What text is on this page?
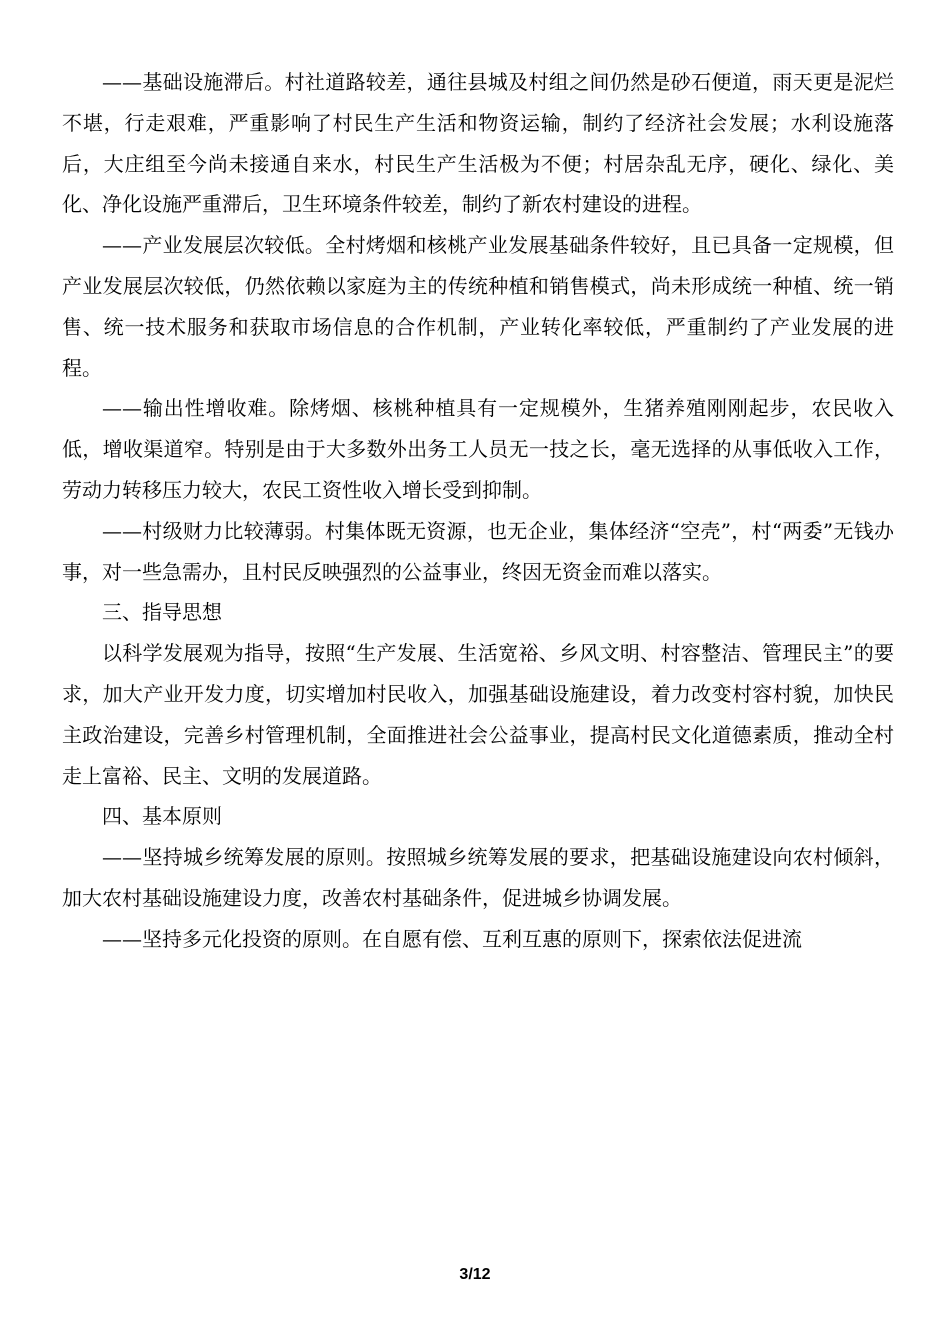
——基础设施滞后。村社道路较差，通往县城及村组之间仍然是砂石便道，雨天更是泥烂不堪，行走艰难，严重影响了村民生产生活和物资运输，制约了经济社会发展；水利设施落后，大庄组至今尚未接通自来水，村民生产生活极为不便；村居杂乱无序，硬化、绿化、美化、净化设施严重滞后，卫生环境条件较差，制约了新农村建设的进程。

——产业发展层次较低。全村烤烟和核桃产业发展基础条件较好，且已具备一定规模，但产业发展层次较低，仍然依赖以家庭为主的传统种植和销售模式，尚未形成统一种植、统一销售、统一技术服务和获取市场信息的合作机制，产业转化率较低，严重制约了产业发展的进程。

——输出性增收难。除烤烟、核桃种植具有一定规模外，生猪养殖刚刚起步，农民收入低，增收渠道窄。特别是由于大多数外出务工人员无一技之长，毫无选择的从事低收入工作，劳动力转移压力较大，农民工资性收入增长受到抑制。

——村级财力比较薄弱。村集体既无资源，也无企业，集体经济“空壳”，村“两委”无钱办事，对一些急需办，且村民反映强烈的公益事业，终因无资金而难以落实。

三、指导思想

以科学发展观为指导，按照“生产发展、生活宽裕、乡风文明、村容整洁、管理民主”的要求，加大产业开发力度，切实增加村民收入，加强基础设施建设，着力改变村容村貌，加快民主政治建设，完善乡村管理机制，全面推进社会公益事业，提高村民文化道德素质，推动全村走上富裕、民主、文明的发展道路。

四、基本原则

——坚持城乡统筹发展的原则。按照城乡统筹发展的要求，把基础设施建设向农村倾斜，加大农村基础设施建设力度，改善农村基础条件，促进城乡协调发展。

——坚持多元化投资的原则。在自愿有偿、互利互惠的原则下，探索依法促进流

3/12
